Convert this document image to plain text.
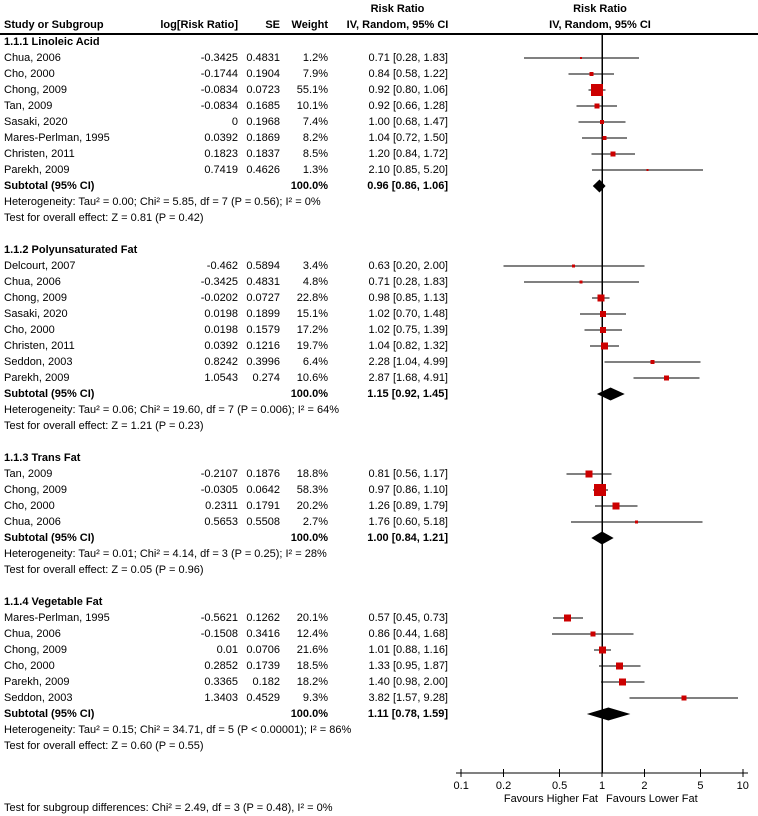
Risk Ratio	Risk Ratio
Study or Subgroup	log[Risk Ratio]	SE	Weight	IV, Random, 95% CI	IV, Random, 95% CI
1.1.1 Linoleic Acid
Chua, 2006	-0.3425 0.4831	1.2%	0.71 [0.28, 1.83]
Cho, 2000	-0.1744 0.1904	7.9%	0.84 [0.58, 1.22]
Chong, 2009	-0.0834 0.0723	55.1%	0.92 [0.80, 1.06]
Tan, 2009	-0.0834 0.1685	10.1%	0.92 [0.66, 1.28]
Sasaki, 2020	0 0.1968	7.4%	1.00 [0.68, 1.47]
Mares-Perlman, 1995	0.0392 0.1869	8.2%	1.04 [0.72, 1.50]
Christen, 2011	0.1823 0.1837	8.5%	1.20 [0.84, 1.72]
Parekh, 2009	0.7419 0.4626	1.3%	2.10 [0.85, 5.20]
Subtotal (95% CI)	100.0%	0.96 [0.86, 1.06]
Heterogeneity: Tau² = 0.00; Chi² = 5.85, df = 7 (P = 0.56); I² = 0%
Test for overall effect: Z = 0.81 (P = 0.42)
1.1.2 Polyunsaturated Fat
Delcourt, 2007	-0.462 0.5894	3.4%	0.63 [0.20, 2.00]
Chua, 2006	-0.3425 0.4831	4.8%	0.71 [0.28, 1.83]
Chong, 2009	-0.0202 0.0727	22.8%	0.98 [0.85, 1.13]
Sasaki, 2020	0.0198 0.1899	15.1%	1.02 [0.70, 1.48]
Cho, 2000	0.0198 0.1579	17.2%	1.02 [0.75, 1.39]
Christen, 2011	0.0392 0.1216	19.7%	1.04 [0.82, 1.32]
Seddon, 2003	0.8242 0.3996	6.4%	2.28 [1.04, 4.99]
Parekh, 2009	1.0543	0.274	10.6%	2.87 [1.68, 4.91]
Subtotal (95% CI)	100.0%	1.15 [0.92, 1.45]
Heterogeneity: Tau² = 0.06; Chi² = 19.60, df = 7 (P = 0.006); I² = 64%
Test for overall effect: Z = 1.21 (P = 0.23)
1.1.3 Trans Fat
Tan, 2009	-0.2107 0.1876	18.8%	0.81 [0.56, 1.17]
Chong, 2009	-0.0305 0.0642	58.3%	0.97 [0.86, 1.10]
Cho, 2000	0.2311 0.1791	20.2%	1.26 [0.89, 1.79]
Chua, 2006	0.5653 0.5508	2.7%	1.76 [0.60, 5.18]
Subtotal (95% CI)	100.0%	1.00 [0.84, 1.21]
Heterogeneity: Tau² = 0.01; Chi² = 4.14, df = 3 (P = 0.25); I² = 28%
Test for overall effect: Z = 0.05 (P = 0.96)
1.1.4 Vegetable Fat
Mares-Perlman, 1995	-0.5621 0.1262	20.1%	0.57 [0.45, 0.73]
Chua, 2006	-0.1508 0.3416	12.4%	0.86 [0.44, 1.68]
Chong, 2009	0.01 0.0706	21.6%	1.01 [0.88, 1.16]
Cho, 2000	0.2852 0.1739	18.5%	1.33 [0.95, 1.87]
Parekh, 2009	0.3365	0.182	18.2%	1.40 [0.98, 2.00]
Seddon, 2003	1.3403 0.4529	9.3%	3.82 [1.57, 9.28]
Subtotal (95% CI)	100.0%	1.11 [0.78, 1.59]
Heterogeneity: Tau² = 0.15; Chi² = 34.71, df = 5 (P < 0.00001); I² = 86%
Test for overall effect: Z = 0.60 (P = 0.55)
0.1 0.2	0.5	1	2	5	10
Favours Higher Fat Favours Lower Fat
Test for subgroup differences: Chi² = 2.49, df = 3 (P = 0.48), I² = 0%
